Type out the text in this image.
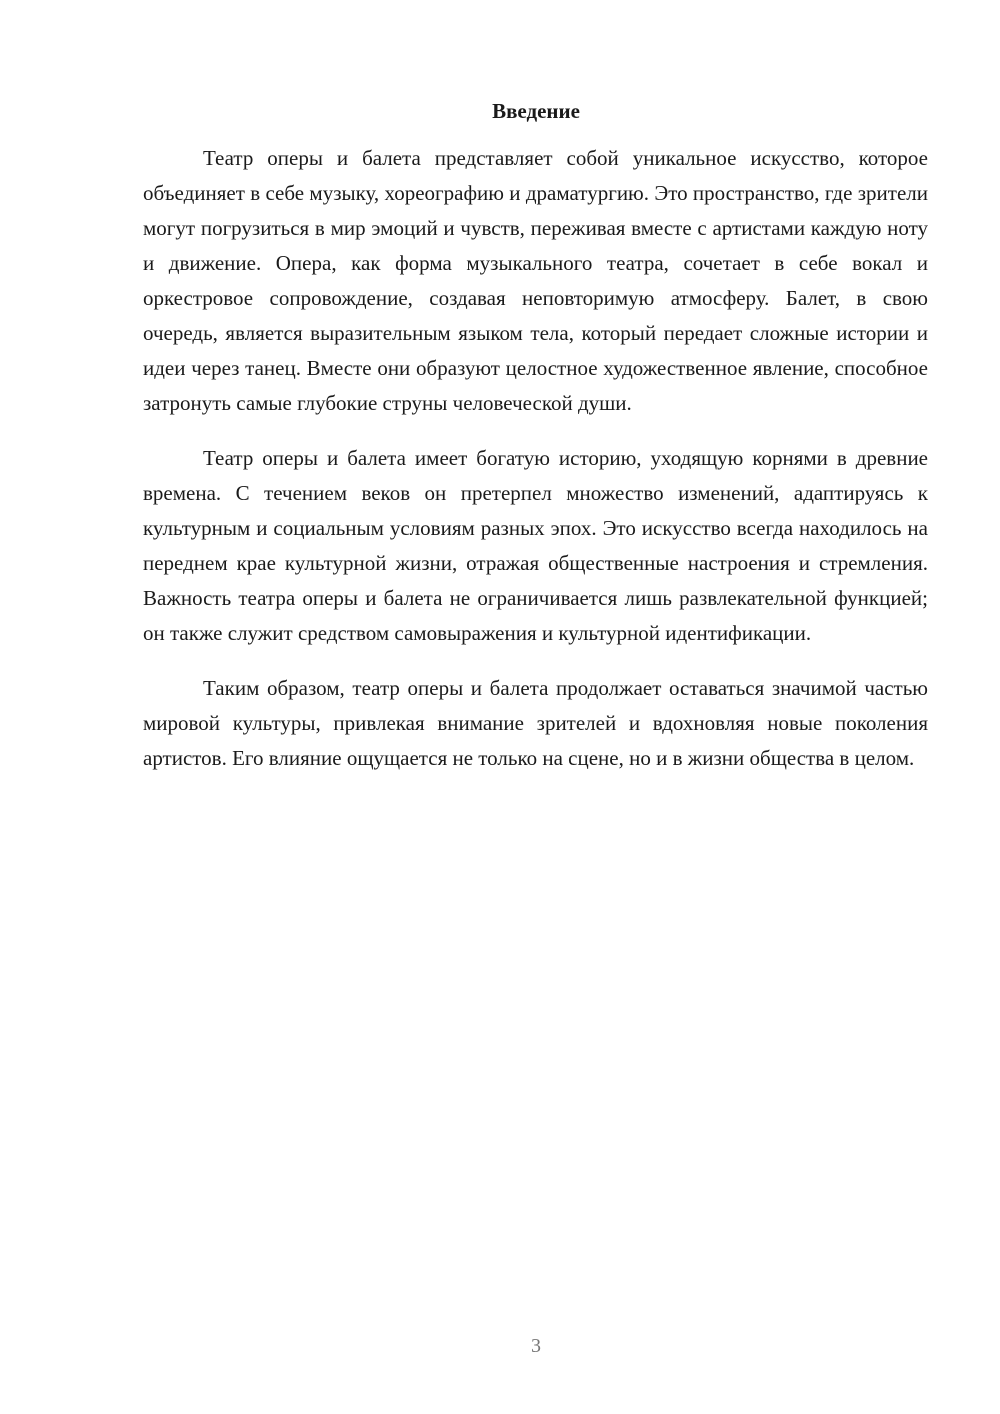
Введение

Театр оперы и балета представляет собой уникальное искусство, которое объединяет в себе музыку, хореографию и драматургию. Это пространство, где зрители могут погрузиться в мир эмоций и чувств, переживая вместе с артистами каждую ноту и движение. Опера, как форма музыкального театра, сочетает в себе вокал и оркестровое сопровождение, создавая неповторимую атмосферу. Балет, в свою очередь, является выразительным языком тела, который передает сложные истории и идеи через танец. Вместе они образуют целостное художественное явление, способное затронуть самые глубокие струны человеческой души.

Театр оперы и балета имеет богатую историю, уходящую корнями в древние времена. С течением веков он претерпел множество изменений, адаптируясь к культурным и социальным условиям разных эпох. Это искусство всегда находилось на переднем крае культурной жизни, отражая общественные настроения и стремления. Важность театра оперы и балета не ограничивается лишь развлекательной функцией; он также служит средством самовыражения и культурной идентификации.

Таким образом, театр оперы и балета продолжает оставаться значимой частью мировой культуры, привлекая внимание зрителей и вдохновляя новые поколения артистов. Его влияние ощущается не только на сцене, но и в жизни общества в целом.

3
